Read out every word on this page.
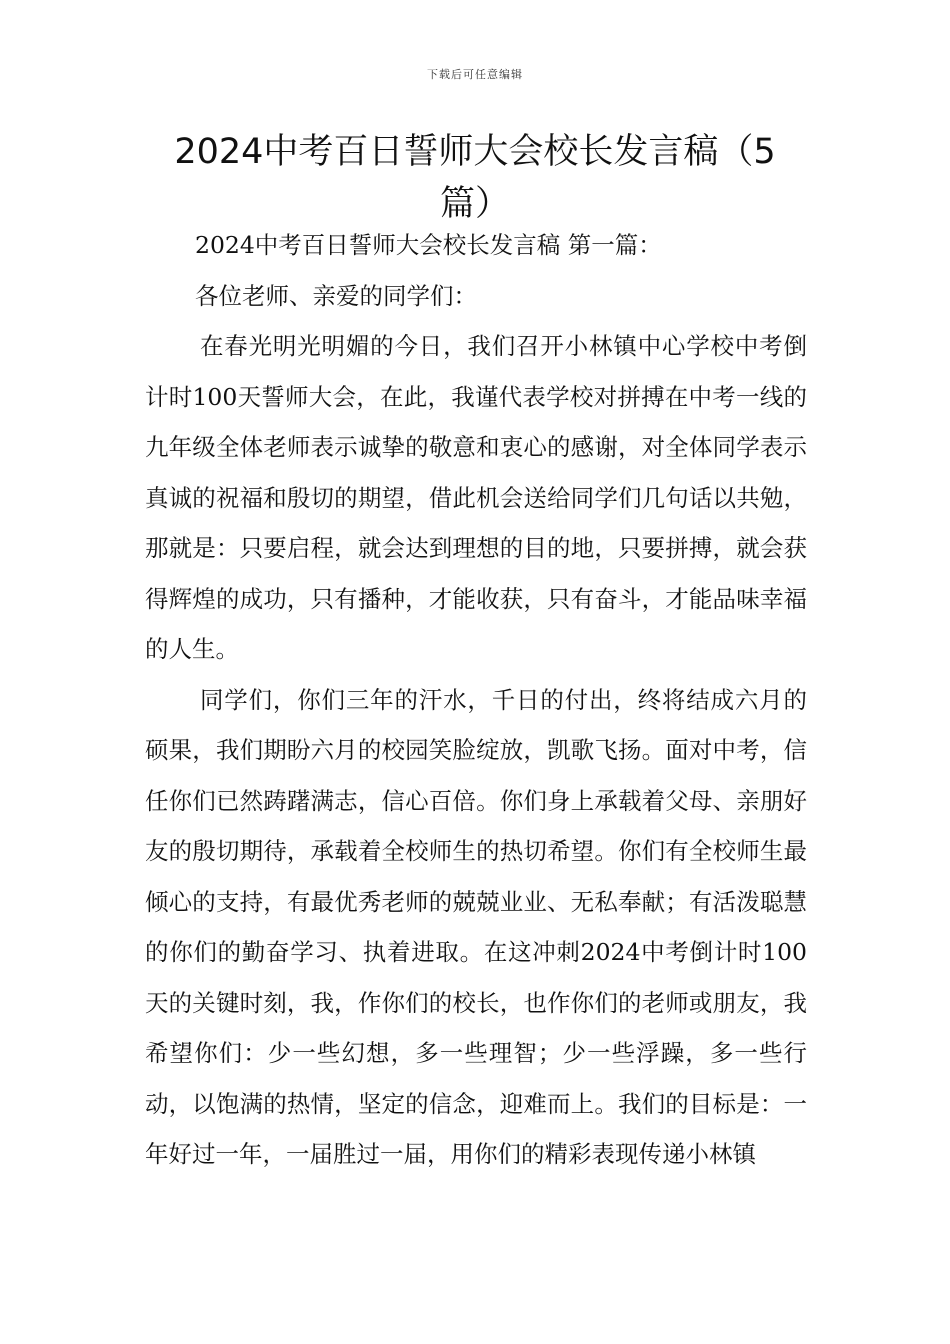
下载后可任意编辑
2024中考百日誓师大会校长发言稿（5篇）

2024中考百日誓师大会校长发言稿 第一篇：

各位老师、亲爱的同学们：

在春光明光明媚的今日，我们召开小林镇中心学校中考倒计时100天誓师大会，在此，我谨代表学校对拼搏在中考一线的九年级全体老师表示诚挚的敬意和衷心的感谢，对全体同学表示真诚的祝福和殷切的期望，借此机会送给同学们几句话以共勉，那就是：只要启程，就会达到理想的目的地，只要拼搏，就会获得辉煌的成功，只有播种，才能收获，只有奋斗，才能品味幸福的人生。

同学们，你们三年的汗水，千日的付出，终将结成六月的硕果，我们期盼六月的校园笑脸绽放，凯歌飞扬。面对中考，信任你们已然踌躇满志，信心百倍。你们身上承载着父母、亲朋好友的殷切期待，承载着全校师生的热切希望。你们有全校师生最倾心的支持，有最优秀老师的兢兢业业、无私奉献；有活泼聪慧的你们的勤奋学习、执着进取。在这冲刺2024中考倒计时100天的关键时刻，我，作你们的校长，也作你们的老师或朋友，我希望你们：少一些幻想，多一些理智；少一些浮躁，多一些行动，以饱满的热情，坚定的信念，迎难而上。我们的目标是：一年好过一年，一届胜过一届，用你们的精彩表现传递小林镇
